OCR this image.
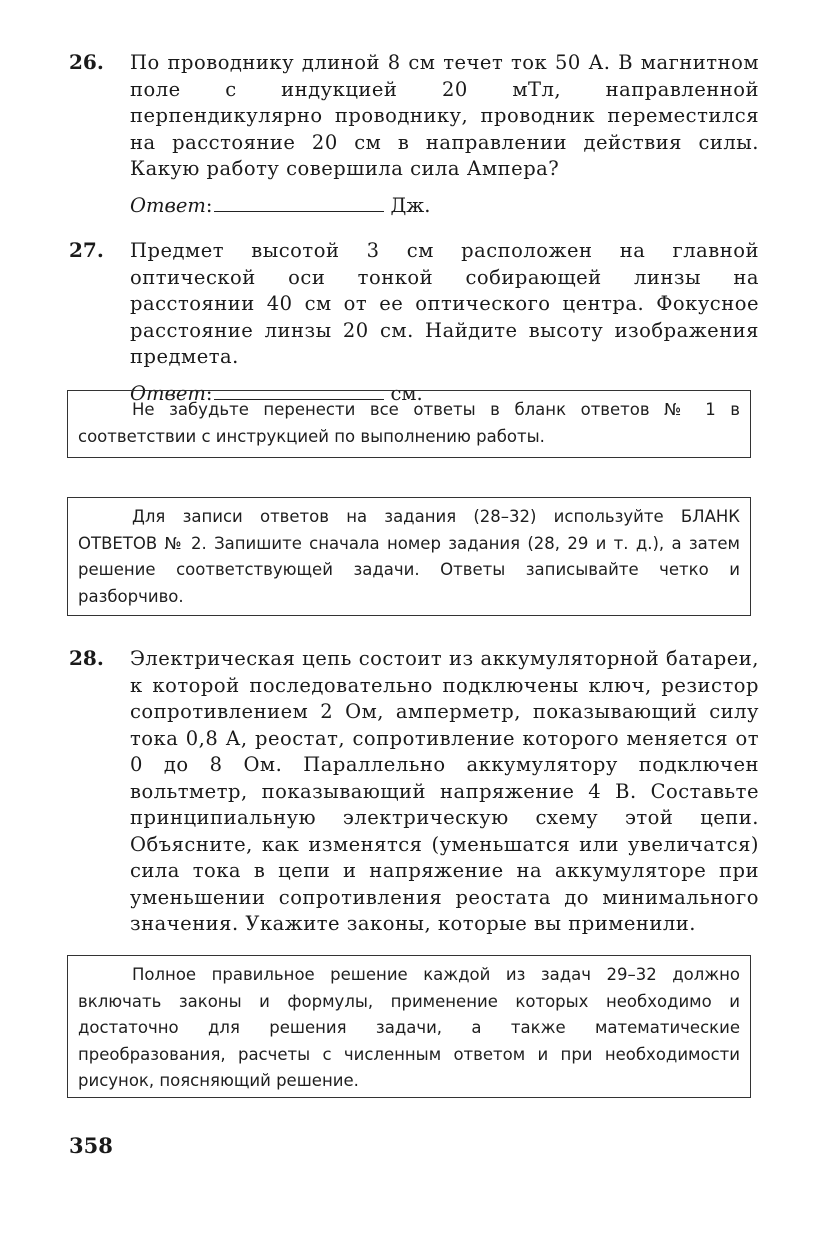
26. По проводнику длиной 8 см течет ток 50 А. В магнитном поле с индукцией 20 мТл, направленной перпендикулярно проводнику, проводник переместился на расстояние 20 см в направлении действия силы. Какую работу совершила сила Ампера?
Ответ:	Дж.
27. Предмет высотой 3 см расположен на главной оптической оси тонкой собирающей линзы на расстоянии 40 см от ее оптического центра. Фокусное расстояние линзы 20 см. Найдите высоту изображения предмета.
Ответ:	см.
Не забудьте перенести все ответы в бланк ответов № 1 в соответствии с инструкцией по выполнению работы.
Для записи ответов на задания (28–32) используйте БЛАНК ОТВЕТОВ № 2. Запишите сначала номер задания (28, 29 и т. д.), а затем решение соответствующей задачи. Ответы записывайте четко и разборчиво.
28. Электрическая цепь состоит из аккумуляторной батареи, к которой последовательно подключены ключ, резистор сопротивлением 2 Ом, амперметр, показывающий силу тока 0,8 А, реостат, сопротивление которого меняется от 0 до 8 Ом. Параллельно аккумулятору подключен вольтметр, показывающий напряжение 4 В. Составьте принципиальную электрическую схему этой цепи. Объясните, как изменятся (уменьшатся или увеличатся) сила тока в цепи и напряжение на аккумуляторе при уменьшении сопротивления реостата до минимального значения. Укажите законы, которые вы применили.
Полное правильное решение каждой из задач 29–32 должно включать законы и формулы, применение которых необходимо и достаточно для решения задачи, а также математические преобразования, расчеты с численным ответом и при необходимости рисунок, поясняющий решение.
358
